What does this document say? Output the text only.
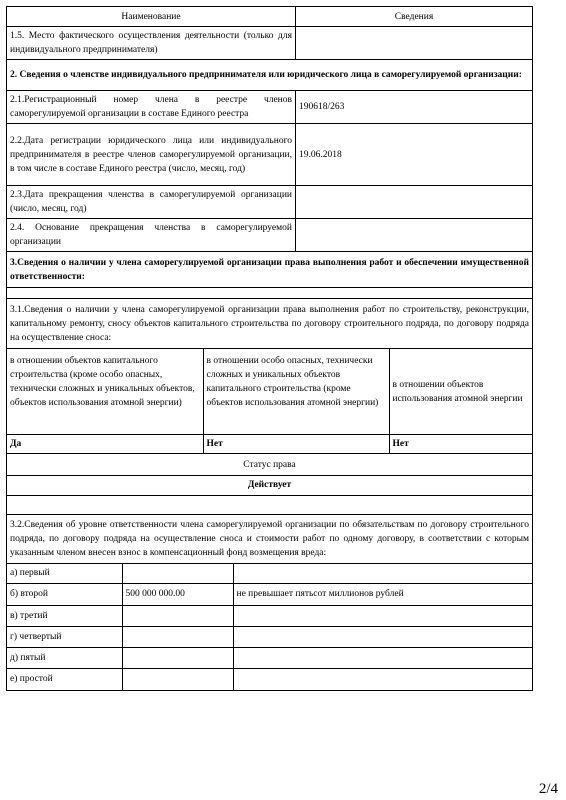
Наименование	Сведения
1.5. Место фактического осуществления деятельности (только для индивидуального предпринимателя)	
2. Сведения о членстве индивидуального предпринимателя или юридического лица в саморегулируемой организации:
2.1.Регистрационный номер члена в реестре членов саморегулируемой организации в составе Единого реестра	190618/263
2.2.Дата регистрации юридического лица или индивидуального предпринимателя в реестре членов саморегулируемой организации, в том числе в составе Единого реестра (число, месяц, год)	19.06.2018
2.3.Дата прекращения членства в саморегулируемой организации (число, месяц, год)	
2.4. Основание прекращения членства в саморегулируемой организации	
3.Сведения о наличии у члена саморегулируемой организации права выполнения работ и обеспечении имущественной ответственности:

3.1.Сведения о наличии у члена саморегулируемой организации права выполнения работ по строительству, реконструкции, капитальному ремонту, сносу объектов капитального строительства по договору строительного подряда, по договору подряда на осуществление сноса:
в отношении объектов капитального строительства (кроме особо опасных, технически сложных и уникальных объектов, объектов использования атомной энергии)	в отношении особо опасных, технически сложных и уникальных объектов капитального строительства (кроме объектов использования атомной энергии)	в отношении объектов использования атомной энергии
Да	Нет	Нет
Статус права
Действует

3.2.Сведения об уровне ответственности члена саморегулируемой организации по обязательствам по договору строительного подряда, по договору подряда на осуществление сноса и стоимости работ по одному договору, в соответствии с которым указанным членом внесен взнос в компенсационный фонд возмещения вреда:
а) первый		
б) второй	500 000 000.00	не превышает пятьсот миллионов рублей
в) третий		
г) четвертый		
д) пятый		
е) простой		
2/4
